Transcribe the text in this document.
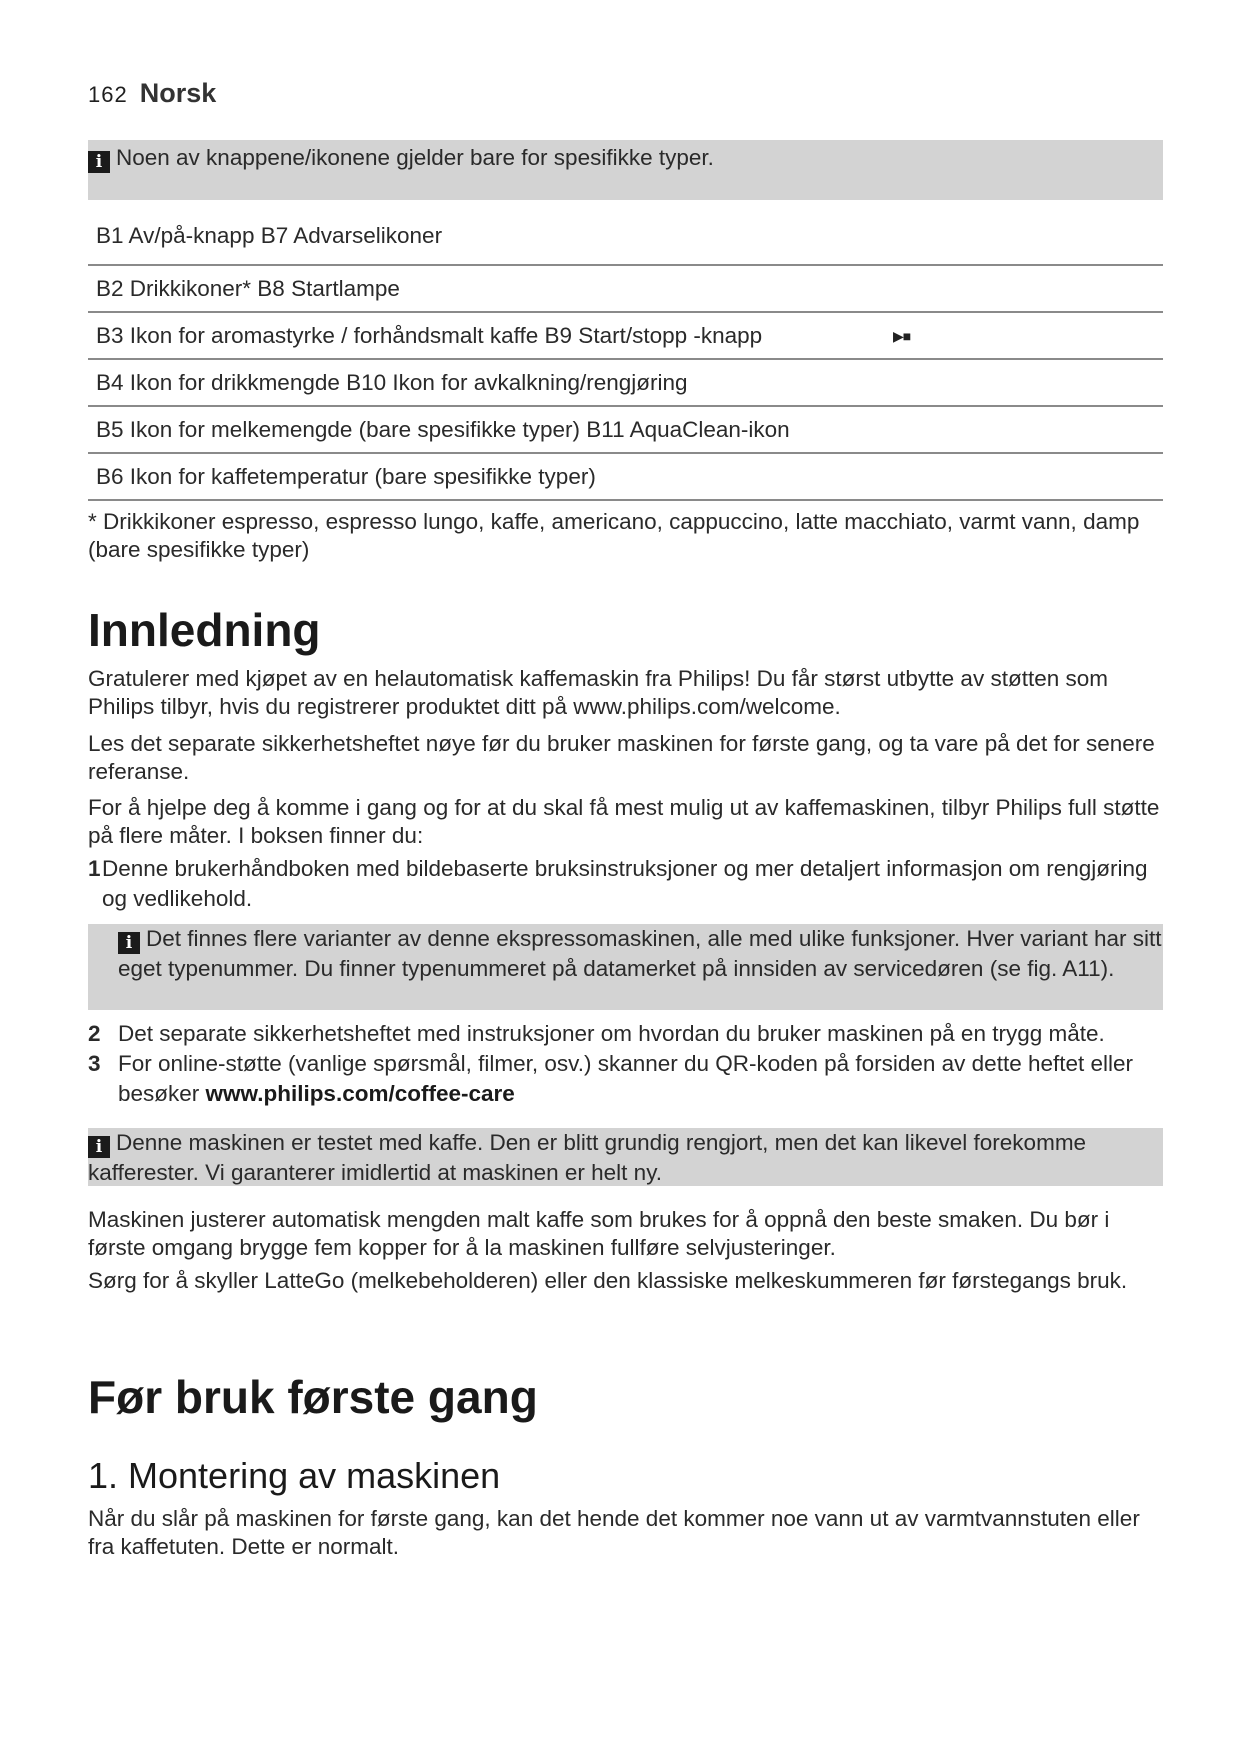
162 Norsk
i Noen av knappene/ikonene gjelder bare for spesifikke typer.
B1 Av/på-knapp B7 Advarselikoner
B2 Drikkikoner* B8 Startlampe
B3 Ikon for aromastyrke / forhåndsmalt kaffe B9 Start/stopp -knapp	▶■
B4 Ikon for drikkmengde B10 Ikon for avkalkning/rengjøring
B5 Ikon for melkemengde (bare spesifikke typer) B11 AquaClean-ikon
B6 Ikon for kaffetemperatur (bare spesifikke typer)
* Drikkikoner espresso, espresso lungo, kaffe, americano, cappuccino, latte macchiato, varmt vann, damp (bare spesifikke typer)
Innledning
Gratulerer med kjøpet av en helautomatisk kaffemaskin fra Philips! Du får størst utbytte av støtten som Philips tilbyr, hvis du registrerer produktet ditt på www.philips.com/welcome.
Les det separate sikkerhetsheftet nøye før du bruker maskinen for første gang, og ta vare på det for senere referanse.
For å hjelpe deg å komme i gang og for at du skal få mest mulig ut av kaffemaskinen, tilbyr Philips full støtte på flere måter. I boksen finner du:
1 Denne brukerhåndboken med bildebaserte bruksinstruksjoner og mer detaljert informasjon om rengjøring og vedlikehold.
i Det finnes flere varianter av denne ekspressomaskinen, alle med ulike funksjoner. Hver variant har sitt eget typenummer. Du finner typenummeret på datamerket på innsiden av servicedøren (se fig. A11).
2 Det separate sikkerhetsheftet med instruksjoner om hvordan du bruker maskinen på en trygg måte.
3 For online-støtte (vanlige spørsmål, filmer, osv.) skanner du QR-koden på forsiden av dette heftet eller besøker www.philips.com/coffee-care
i Denne maskinen er testet med kaffe. Den er blitt grundig rengjort, men det kan likevel forekomme kafferester. Vi garanterer imidlertid at maskinen er helt ny.
Maskinen justerer automatisk mengden malt kaffe som brukes for å oppnå den beste smaken. Du bør i første omgang brygge fem kopper for å la maskinen fullføre selvjusteringer.
Sørg for å skyller LatteGo (melkebeholderen) eller den klassiske melkeskummeren før førstegangs bruk.
Før bruk første gang
1. Montering av maskinen
Når du slår på maskinen for første gang, kan det hende det kommer noe vann ut av varmtvannstuten eller fra kaffetuten. Dette er normalt.
